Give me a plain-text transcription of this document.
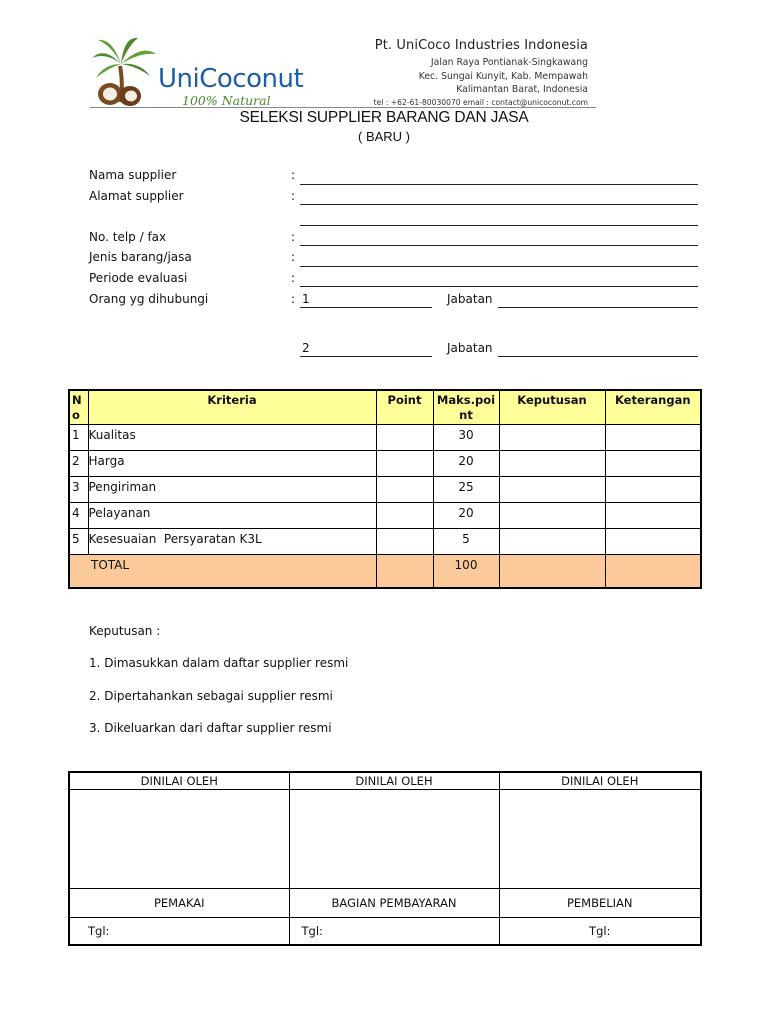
UniCoconut
100% Natural
Pt. UniCoco Industries Indonesia
Jalan Raya Pontianak-Singkawang
Kec. Sungai Kunyit, Kab. Mempawah
Kalimantan Barat, Indonesia
tel : +62-61-80030070 email : contact@unicoconut.com
SELEKSI SUPPLIER BARANG DAN JASA
( BARU )
Nama supplier	:
Alamat supplier	:
No. telp / fax	:
Jenis barang/jasa	:
Periode evaluasi	:
Orang yg dihubungi	: 1	Jabatan
2	Jabatan
N o	Kriteria	Point	Maks.poi nt	Keputusan	Keterangan
1	Kualitas		30		
2	Harga		20		
3	Pengiriman		25		
4	Pelayanan		20		
5	Kesesuaian  Persyaratan K3L		5		
TOTAL			100		
Keputusan :
1. Dimasukkan dalam daftar supplier resmi
2. Dipertahankan sebagai supplier resmi
3. Dikeluarkan dari daftar supplier resmi
DINILAI OLEH	DINILAI OLEH	DINILAI OLEH

PEMAKAI	BAGIAN PEMBAYARAN	PEMBELIAN
Tgl:	Tgl:	Tgl:
